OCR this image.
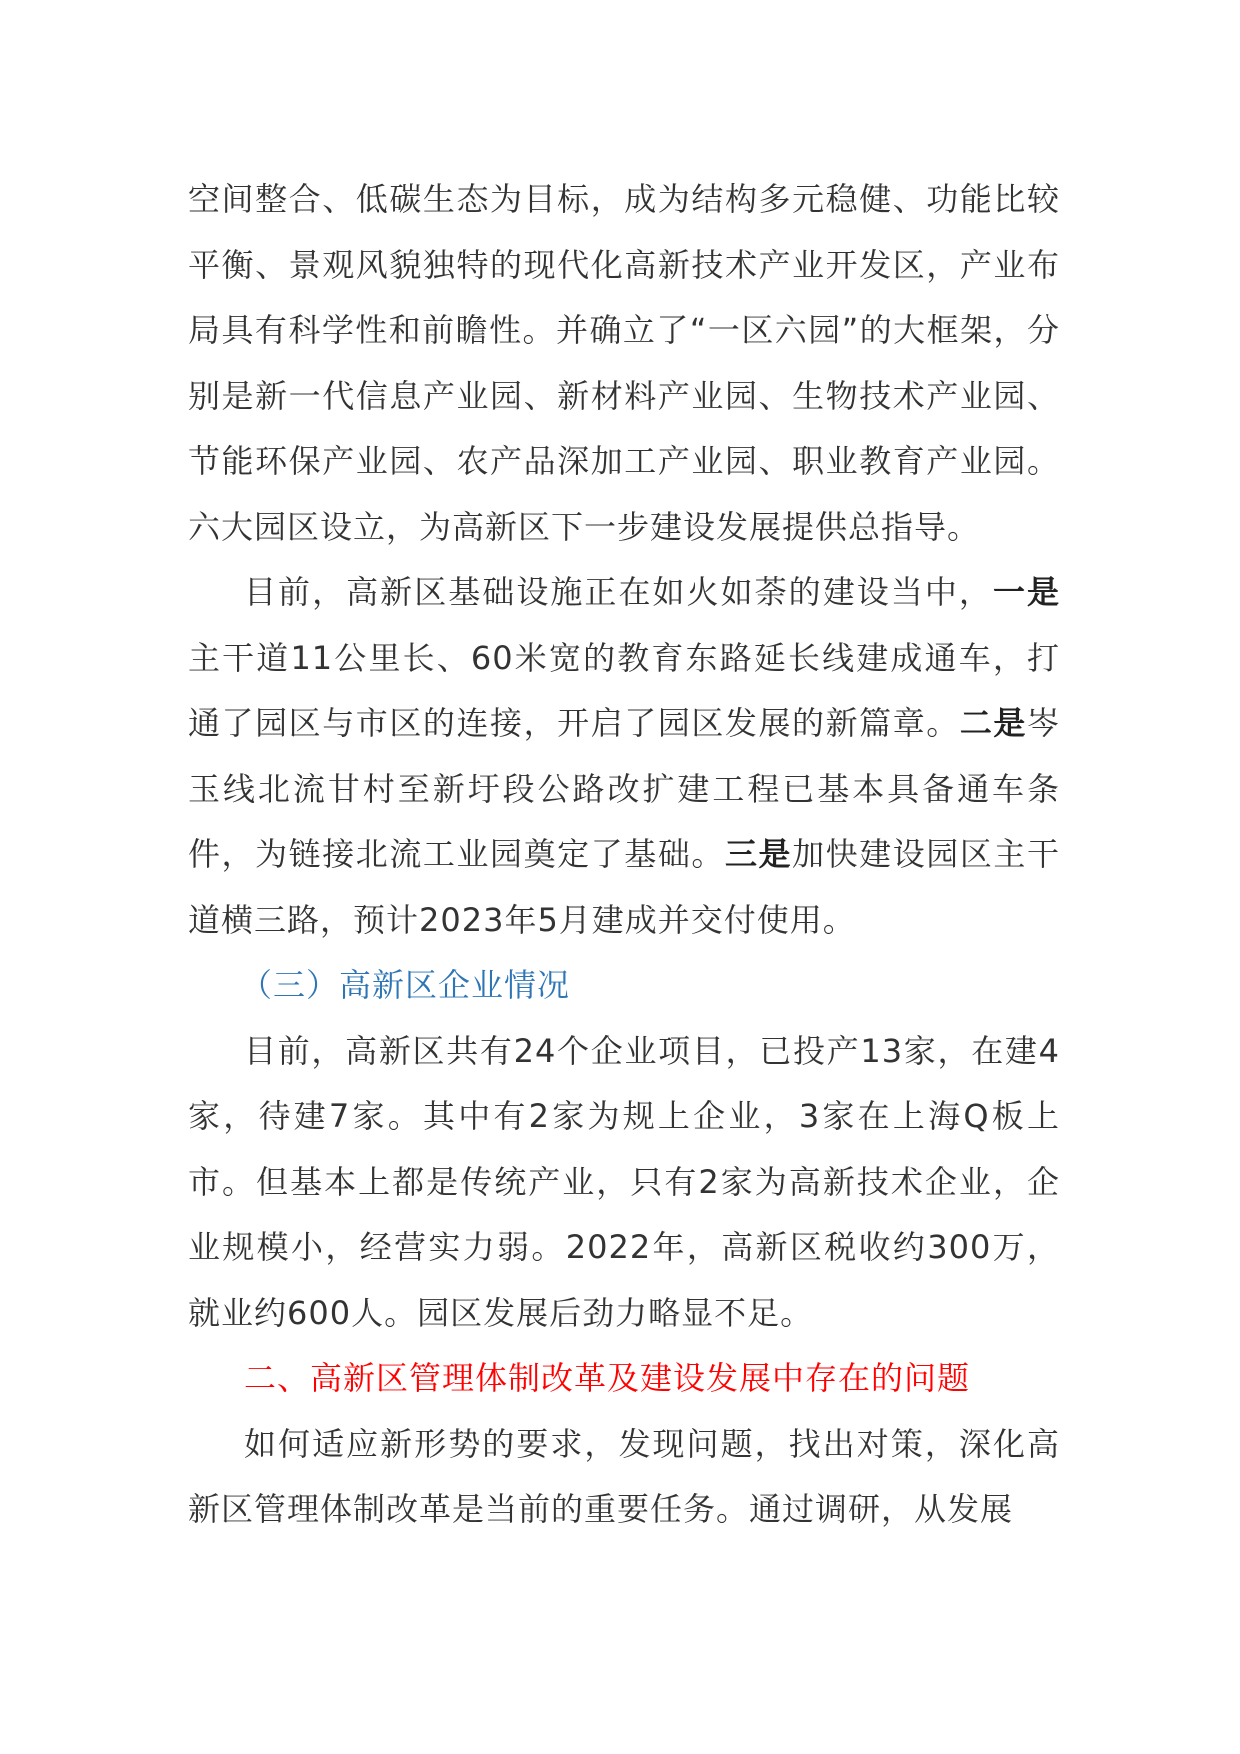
空间整合、低碳生态为目标，成为结构多元稳健、功能比较平衡、景观风貌独特的现代化高新技术产业开发区，产业布局具有科学性和前瞻性。并确立了“一区六园”的大框架，分别是新一代信息产业园、新材料产业园、生物技术产业园、节能环保产业园、农产品深加工产业园、职业教育产业园。六大园区设立，为高新区下一步建设发展提供总指导。

目前，高新区基础设施正在如火如荼的建设当中，一是主干道11公里长、60米宽的教育东路延长线建成通车，打通了园区与市区的连接，开启了园区发展的新篇章。二是岑玉线北流甘村至新圩段公路改扩建工程已基本具备通车条件，为链接北流工业园奠定了基础。三是加快建设园区主干道横三路，预计2023年5月建成并交付使用。

（三）高新区企业情况

目前，高新区共有24个企业项目，已投产13家，在建4家，待建7家。其中有2家为规上企业，3家在上海Q板上市。但基本上都是传统产业，只有2家为高新技术企业，企业规模小，经营实力弱。2022年，高新区税收约300万，就业约600人。园区发展后劲力略显不足。

二、高新区管理体制改革及建设发展中存在的问题

如何适应新形势的要求，发现问题，找出对策，深化高新区管理体制改革是当前的重要任务。通过调研，从发展
